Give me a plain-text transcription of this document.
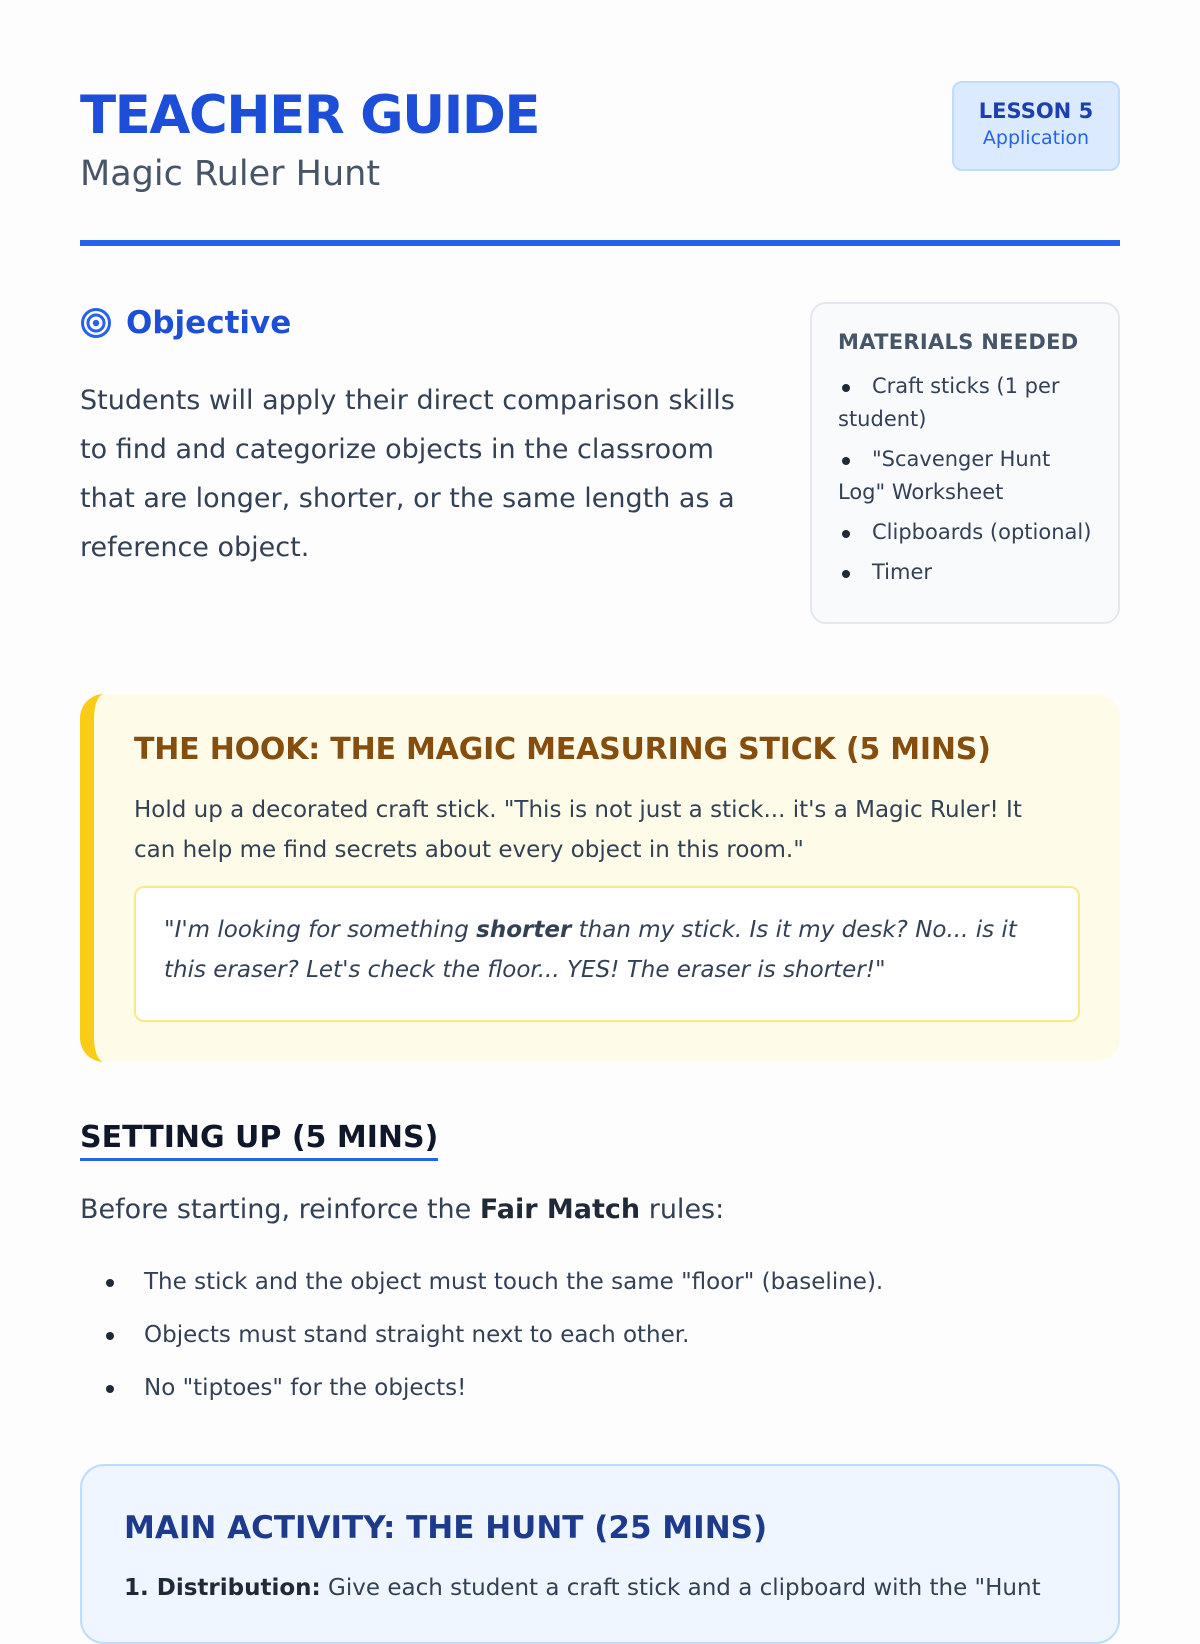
TEACHER GUIDE
Magic Ruler Hunt
LESSON 5
Application
Objective
Students will apply their direct comparison skills to find and categorize objects in the classroom that are longer, shorter, or the same length as a reference object.
MATERIALS NEEDED
Craft sticks (1 per student)
"Scavenger Hunt Log" Worksheet
Clipboards (optional)
Timer
THE HOOK: THE MAGIC MEASURING STICK (5 MINS)
Hold up a decorated craft stick. "This is not just a stick... it's a Magic Ruler! It can help me find secrets about every object in this room."
"I'm looking for something shorter than my stick. Is it my desk? No... is it this eraser? Let's check the floor... YES! The eraser is shorter!"
SETTING UP (5 MINS)
Before starting, reinforce the Fair Match rules:
The stick and the object must touch the same "floor" (baseline).
Objects must stand straight next to each other.
No "tiptoes" for the objects!
MAIN ACTIVITY: THE HUNT (25 MINS)
1. Distribution: Give each student a craft stick and a clipboard with the "Hunt
